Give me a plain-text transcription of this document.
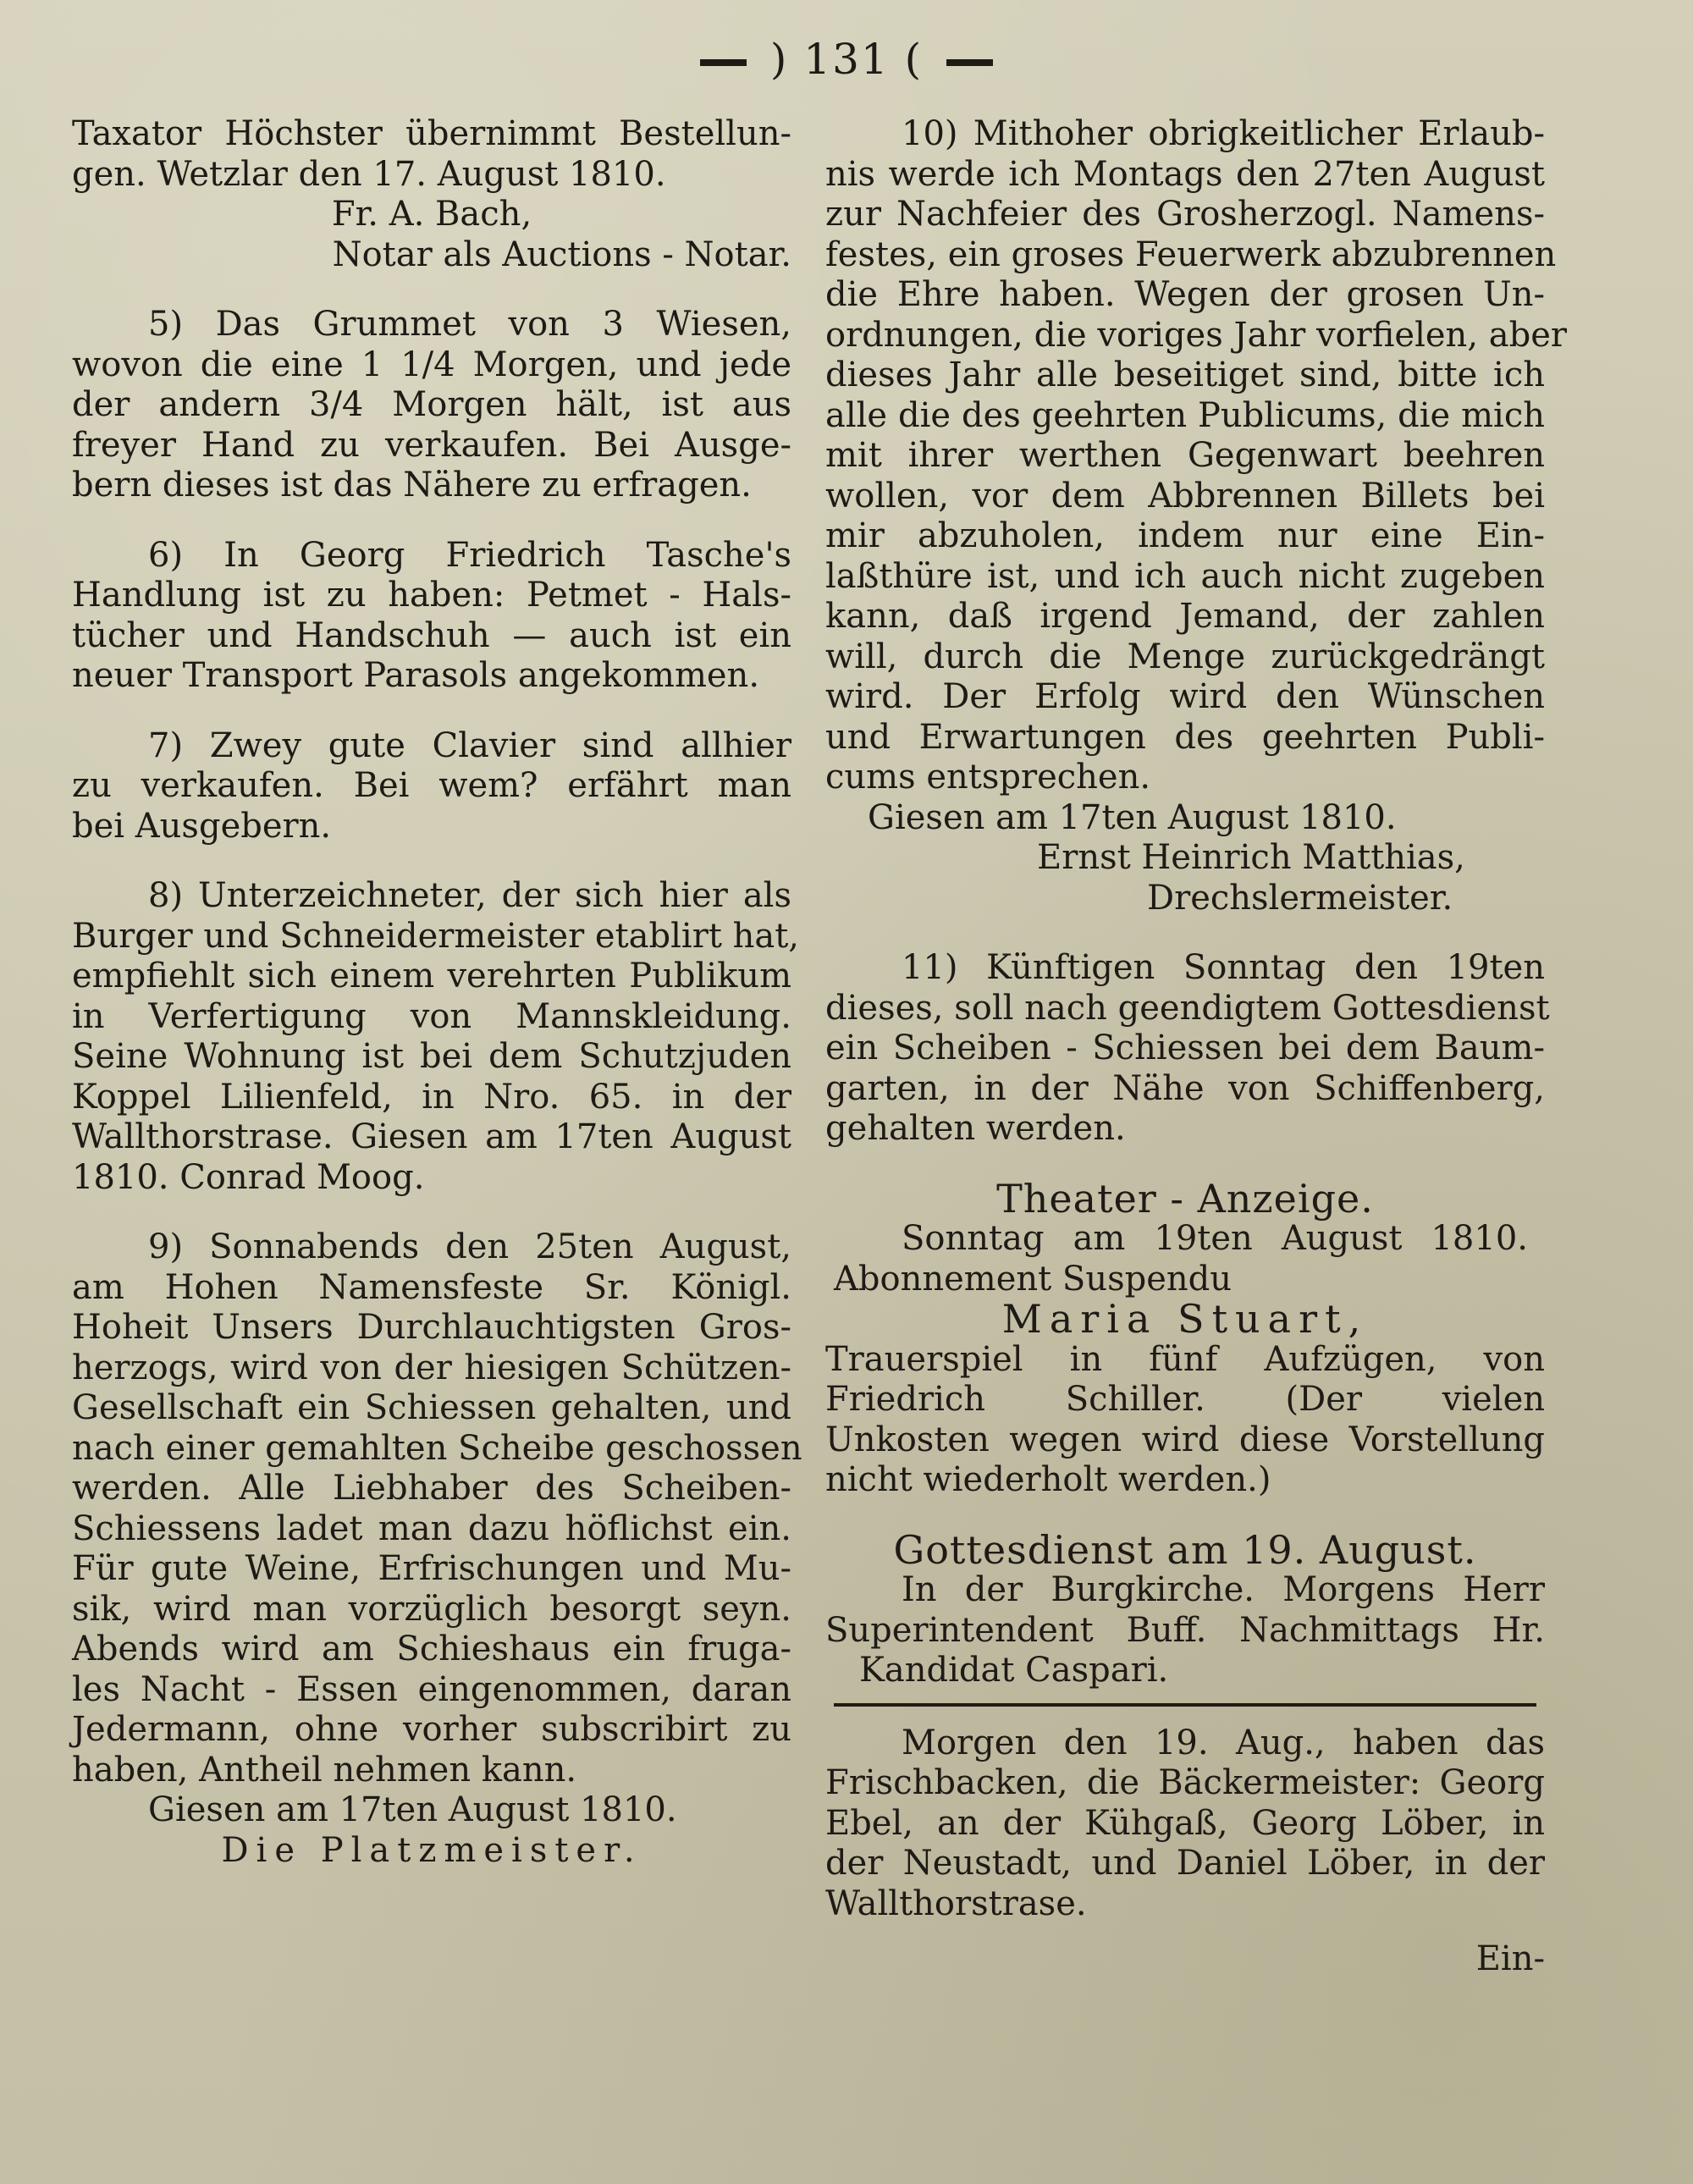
) 131 (
Taxator Höchster übernimmt Bestellun-
gen. Wetzlar den 17. August 1810.
Fr. A. Bach,
Notar als Auctions - Notar.
5) Das Grummet von 3 Wiesen,
wovon die eine 1 1/4 Morgen, und jede
der andern 3/4 Morgen hält, ist aus
freyer Hand zu verkaufen. Bei Ausge-
bern dieses ist das Nähere zu erfragen.
6) In Georg Friedrich Tasche's
Handlung ist zu haben: Petmet - Hals-
tücher und Handschuh — auch ist ein
neuer Transport Parasols angekommen.
7) Zwey gute Clavier sind allhier
zu verkaufen. Bei wem? erfährt man
bei Ausgebern.
8) Unterzeichneter, der sich hier als
Burger und Schneidermeister etablirt hat,
empfiehlt sich einem verehrten Publikum
in Verfertigung von Mannskleidung.
Seine Wohnung ist bei dem Schutzjuden
Koppel Lilienfeld, in Nro. 65. in der
Wallthorstrase. Giesen am 17ten August
1810. Conrad Moog.
9) Sonnabends den 25ten August,
am Hohen Namensfeste Sr. Königl.
Hoheit Unsers Durchlauchtigsten Gros-
herzogs, wird von der hiesigen Schützen-
Gesellschaft ein Schiessen gehalten, und
nach einer gemahlten Scheibe geschossen
werden. Alle Liebhaber des Scheiben-
Schiessens ladet man dazu höflichst ein.
Für gute Weine, Erfrischungen und Mu-
sik, wird man vorzüglich besorgt seyn.
Abends wird am Schieshaus ein fruga-
les Nacht - Essen eingenommen, daran
Jedermann, ohne vorher subscribirt zu
haben, Antheil nehmen kann.
Giesen am 17ten August 1810.
Die Platzmeister.
10) Mithoher obrigkeitlicher Erlaub-
nis werde ich Montags den 27ten August
zur Nachfeier des Grosherzogl. Namens-
festes, ein groses Feuerwerk abzubrennen
die Ehre haben. Wegen der grosen Un-
ordnungen, die voriges Jahr vorfielen, aber
dieses Jahr alle beseitiget sind, bitte ich
alle die des geehrten Publicums, die mich
mit ihrer werthen Gegenwart beehren
wollen, vor dem Abbrennen Billets bei
mir abzuholen, indem nur eine Ein-
laßthüre ist, und ich auch nicht zugeben
kann, daß irgend Jemand, der zahlen
will, durch die Menge zurückgedrängt
wird. Der Erfolg wird den Wünschen
und Erwartungen des geehrten Publi-
cums entsprechen.
Giesen am 17ten August 1810.
Ernst Heinrich Matthias,
Drechslermeister.
11) Künftigen Sonntag den 19ten
dieses, soll nach geendigtem Gottesdienst
ein Scheiben - Schiessen bei dem Baum-
garten, in der Nähe von Schiffenberg,
gehalten werden.
Theater - Anzeige.
Sonntag am 19ten August 1810.
Abonnement Suspendu
Maria Stuart,
Trauerspiel in fünf Aufzügen, von
Friedrich Schiller. (Der vielen
Unkosten wegen wird diese Vorstellung
nicht wiederholt werden.)
Gottesdienst am 19. August.
In der Burgkirche. Morgens Herr
Superintendent Buff. Nachmittags Hr.
Kandidat Caspari.
Morgen den 19. Aug., haben das
Frischbacken, die Bäckermeister: Georg
Ebel, an der Kühgaß, Georg Löber, in
der Neustadt, und Daniel Löber, in der
Wallthorstrase.
Ein-
